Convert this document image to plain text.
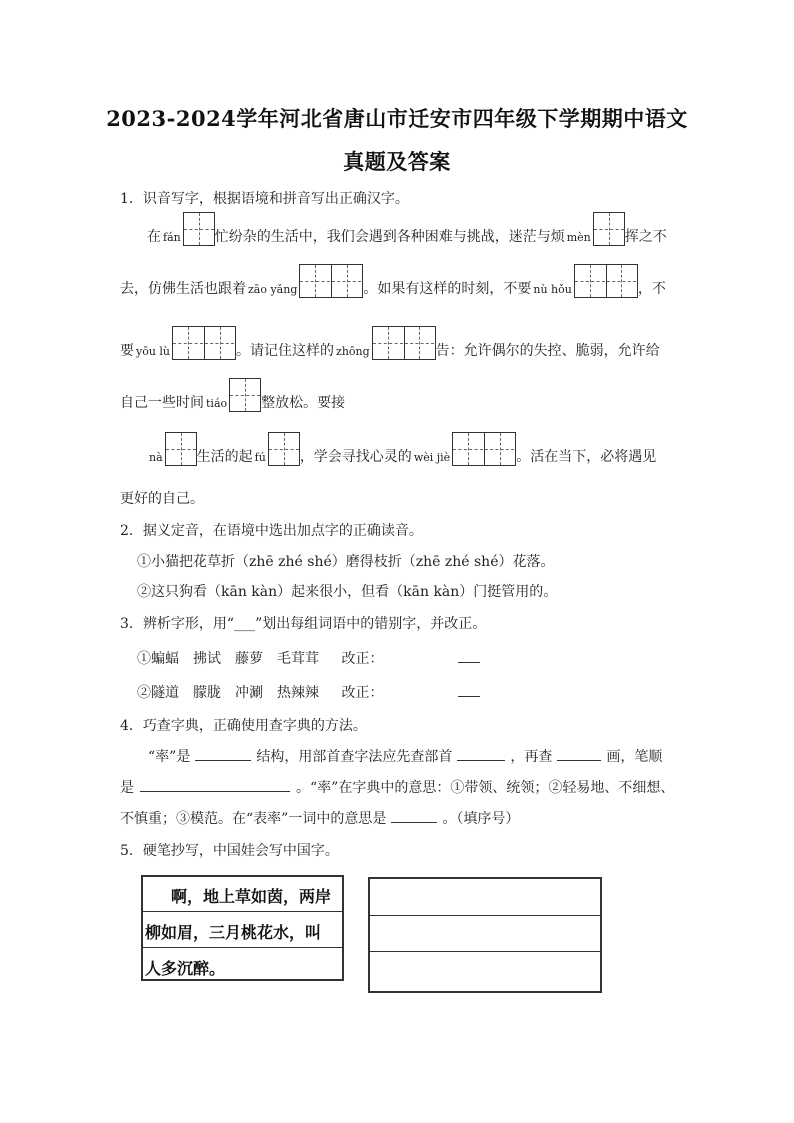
2023-2024学年河北省唐山市迁安市四年级下学期期中语文
真题及答案
1．识音写字，根据语境和拼音写出正确汉字。
在 fán 忙纷杂的生活中，我们会遇到各种困难与挑战，迷茫与烦 mèn 挥之不
去，仿佛生活也跟着 zāo yǎng	。如果有这样的时刻，不要 nù hǒu	，不
要 yōu lù	。请记住这样的 zhōng	告：允许偶尔的失控、脆弱，允许给
自己一些时间 tiáo 整放松。要接
nà 生活的起 fú ，学会寻找心灵的 wèi jiè	。活在当下，必将遇见
更好的自己。
2．据义定音，在语境中选出加点字的正确读音。
①小猫把花草折（zhē zhé shé）磨得枝折（zhē zhé shé）花落。
②这只狗看（kān kàn）起来很小，但看（kān kàn）门挺管用的。
3．辨析字形，用“___”划出每组词语中的错别字，并改正。
①蝙蝠　拂试　藤萝　毛茸茸 改正：
②隧道　朦胧　冲涮　热辣辣 改正：
4．巧查字典，正确使用查字典的方法。
“率”是	结构，用部首查字法应先查部首	，再查	画，笔顺
是	。“率”在字典中的意思：①带领、统领；②轻易地、不细想、
不慎重；③模范。在“表率”一词中的意思是	。（填序号）
5．硬笔抄写，中国娃会写中国字。
啊，地上草如茵，两岸
柳如眉，三月桃花水，叫
人多沉醉。
